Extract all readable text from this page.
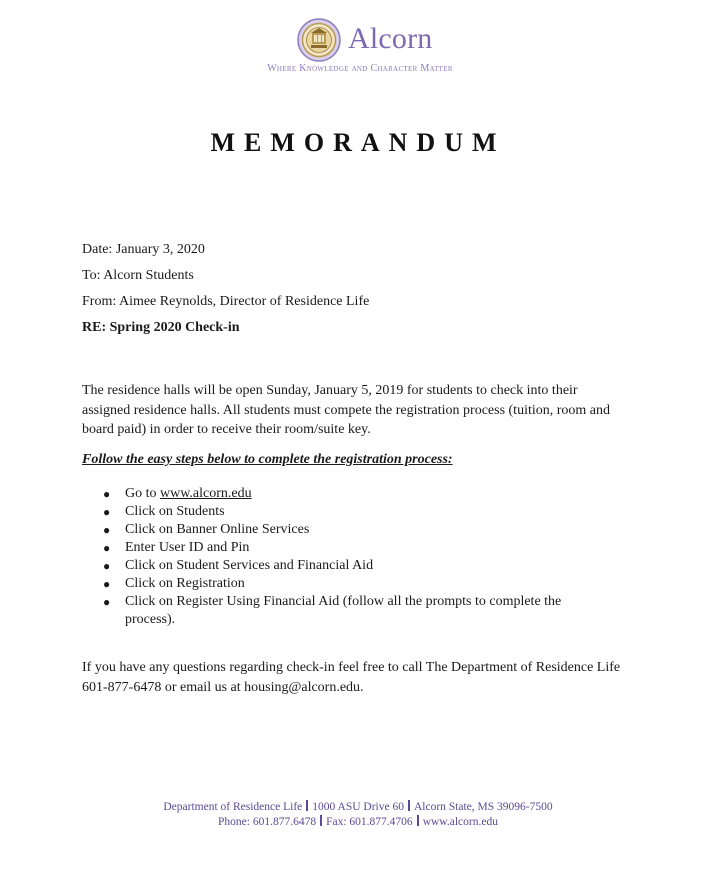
Alcorn
Where Knowledge and Character Matter
MEMORANDUM
Date: January 3, 2020
To: Alcorn Students
From: Aimee Reynolds, Director of Residence Life
RE: Spring 2020 Check-in
The residence halls will be open Sunday, January 5, 2019 for students to check into their assigned residence halls. All students must compete the registration process (tuition, room and board paid) in order to receive their room/suite key.
Follow the easy steps below to complete the registration process:
● Go to www.alcorn.edu
● Click on Students
● Click on Banner Online Services
● Enter User ID and Pin
● Click on Student Services and Financial Aid
● Click on Registration
● Click on Register Using Financial Aid (follow all the prompts to complete the process).
If you have any questions regarding check-in feel free to call The Department of Residence Life 601-877-6478 or email us at housing@alcorn.edu.
Department of Residence Life 1000 ASU Drive 60 Alcorn State, MS 39096-7500
Phone: 601.877.6478 Fax: 601.877.4706 www.alcorn.edu
